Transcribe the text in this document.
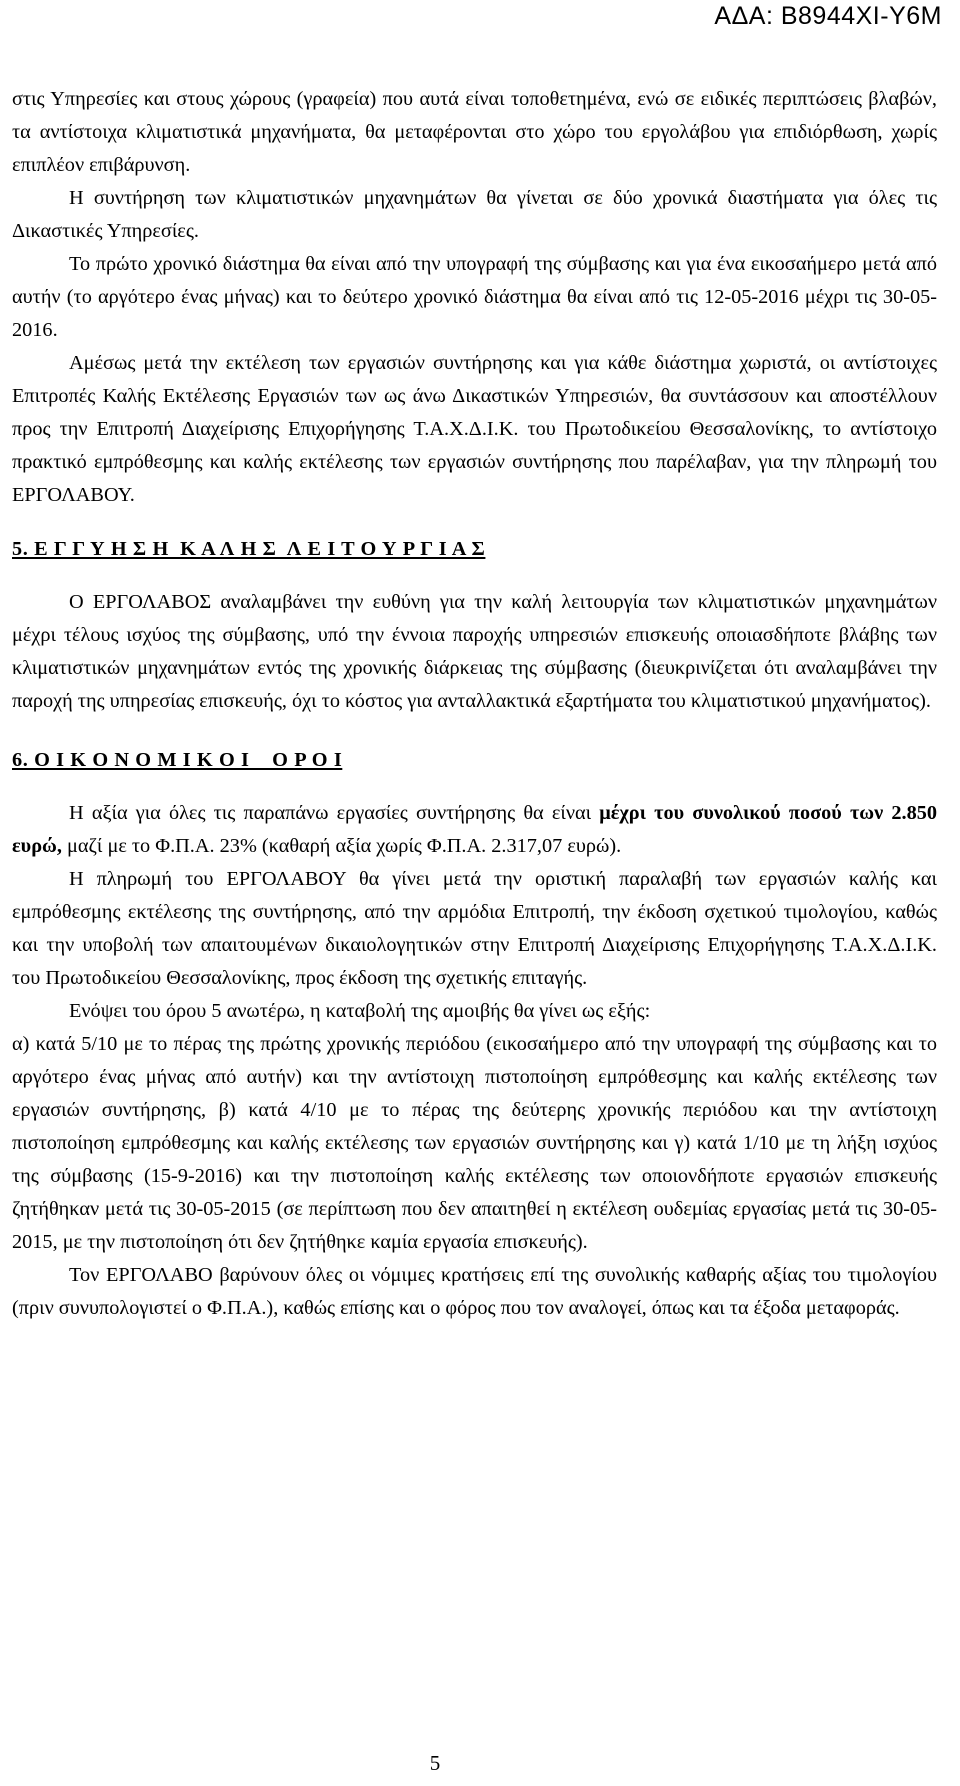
ΑΔΑ: Β8944ΧΙ-Υ6Μ

στις Υπηρεσίες και στους χώρους (γραφεία) που αυτά είναι τοποθετημένα, ενώ σε ειδικές περιπτώσεις βλαβών, τα αντίστοιχα κλιματιστικά μηχανήματα, θα μεταφέρονται στο χώρο του εργολάβου για επιδιόρθωση, χωρίς επιπλέον επιβάρυνση.

Η συντήρηση των κλιματιστικών μηχανημάτων θα γίνεται σε δύο χρονικά διαστήματα για όλες τις Δικαστικές Υπηρεσίες.

Το πρώτο χρονικό διάστημα θα είναι από την υπογραφή της σύμβασης και για ένα εικοσαήμερο μετά από αυτήν (το αργότερο ένας μήνας) και το δεύτερο χρονικό διάστημα θα είναι από τις 12-05-2016 μέχρι τις 30-05-2016.

Αμέσως μετά την εκτέλεση των εργασιών συντήρησης και για κάθε διάστημα χωριστά, οι αντίστοιχες Επιτροπές Καλής Εκτέλεσης Εργασιών των ως άνω Δικαστικών Υπηρεσιών, θα συντάσσουν και αποστέλλουν προς την Επιτροπή Διαχείρισης Επιχορήγησης Τ.Α.Χ.Δ.Ι.Κ. του Πρωτοδικείου Θεσσαλονίκης, το αντίστοιχο πρακτικό εμπρόθεσμης και καλής εκτέλεσης των εργασιών συντήρησης που παρέλαβαν, για την πληρωμή του ΕΡΓΟΛΑΒΟΥ.

5. Ε Γ Γ Υ Η Σ Η  Κ Α Λ Η Σ  Λ Ε Ι Τ Ο Υ Ρ Γ Ι Α Σ

Ο ΕΡΓΟΛΑΒΟΣ αναλαμβάνει την ευθύνη για την καλή λειτουργία των κλιματιστικών μηχανημάτων μέχρι τέλους ισχύος της σύμβασης, υπό την έννοια παροχής υπηρεσιών επισκευής οποιασδήποτε βλάβης των κλιματιστικών μηχανημάτων εντός της χρονικής διάρκειας της σύμβασης (διευκρινίζεται ότι αναλαμβάνει την παροχή της υπηρεσίας επισκευής, όχι το κόστος για ανταλλακτικά εξαρτήματα του κλιματιστικού μηχανήματος).

6. Ο Ι Κ Ο Ν Ο Μ Ι Κ Ο Ι    Ο Ρ Ο Ι

Η αξία για όλες τις παραπάνω εργασίες συντήρησης θα είναι μέχρι του συνολικού ποσού των 2.850 ευρώ, μαζί με το Φ.Π.Α. 23% (καθαρή αξία χωρίς Φ.Π.Α. 2.317,07 ευρώ).

Η πληρωμή του ΕΡΓΟΛΑΒΟΥ θα γίνει μετά την οριστική παραλαβή των εργασιών καλής και εμπρόθεσμης εκτέλεσης της συντήρησης, από την αρμόδια Επιτροπή, την έκδοση σχετικού τιμολογίου, καθώς και την υποβολή των απαιτουμένων δικαιολογητικών στην Επιτροπή Διαχείρισης Επιχορήγησης Τ.Α.Χ.Δ.Ι.Κ. του Πρωτοδικείου Θεσσαλονίκης, προς έκδοση της σχετικής επιταγής.

Ενόψει του όρου 5 ανωτέρω, η καταβολή της αμοιβής θα γίνει ως εξής:

α) κατά 5/10 με το πέρας της πρώτης χρονικής περιόδου (εικοσαήμερο από την υπογραφή της σύμβασης και το αργότερο ένας μήνας από αυτήν) και την αντίστοιχη πιστοποίηση εμπρόθεσμης και καλής εκτέλεσης των εργασιών συντήρησης, β) κατά 4/10 με το πέρας της δεύτερης χρονικής περιόδου και την αντίστοιχη πιστοποίηση εμπρόθεσμης και καλής εκτέλεσης των εργασιών συντήρησης και γ) κατά 1/10 με τη λήξη ισχύος της σύμβασης (15-9-2016) και την πιστοποίηση καλής εκτέλεσης των οποιονδήποτε εργασιών επισκευής ζητήθηκαν μετά τις 30-05-2015 (σε περίπτωση που δεν απαιτηθεί η εκτέλεση ουδεμίας εργασίας μετά τις 30-05-2015, με την πιστοποίηση ότι δεν ζητήθηκε καμία εργασία επισκευής).

Τον ΕΡΓΟΛΑΒΟ βαρύνουν όλες οι νόμιμες κρατήσεις επί της συνολικής καθαρής αξίας του τιμολογίου (πριν συνυπολογιστεί ο Φ.Π.Α.), καθώς επίσης και ο φόρος που τον αναλογεί, όπως και τα έξοδα μεταφοράς.

5
